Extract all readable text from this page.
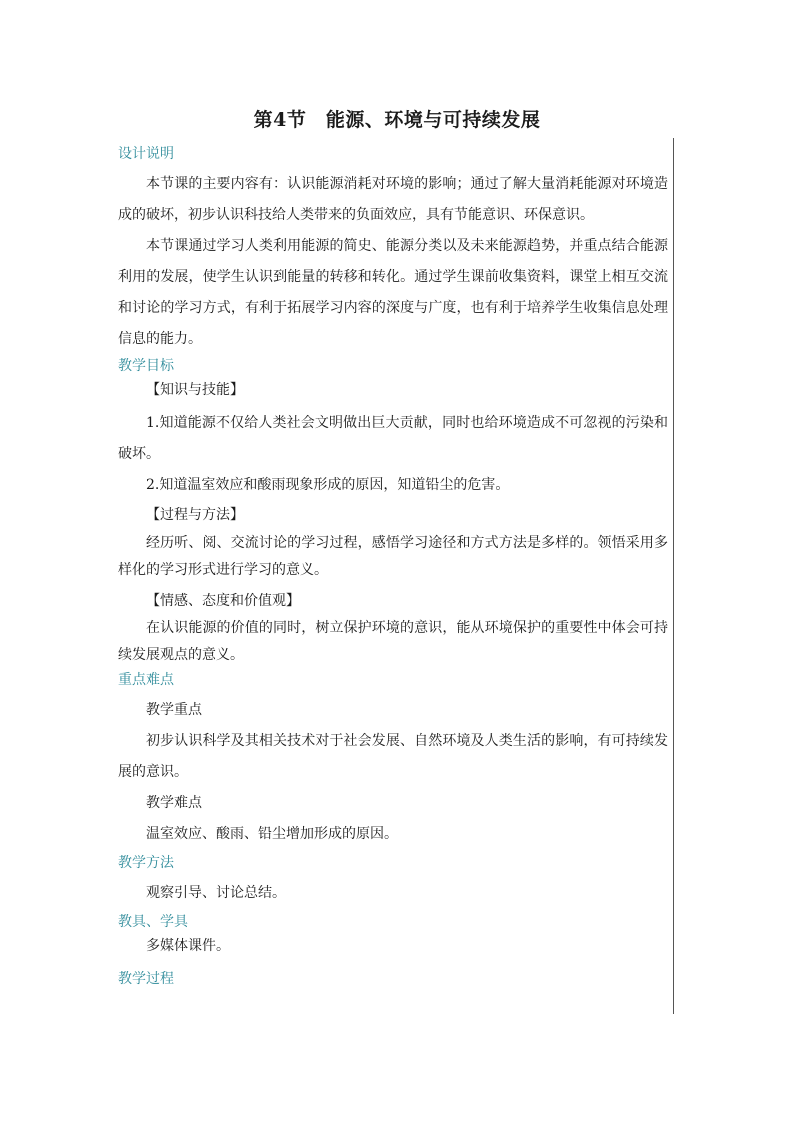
第4节　能源、环境与可持续发展

设计说明

本节课的主要内容有：认识能源消耗对环境的影响；通过了解大量消耗能源对环境造成的破坏，初步认识科技给人类带来的负面效应，具有节能意识、环保意识。

本节课通过学习人类利用能源的简史、能源分类以及未来能源趋势，并重点结合能源利用的发展，使学生认识到能量的转移和转化。通过学生课前收集资料，课堂上相互交流和讨论的学习方式，有利于拓展学习内容的深度与广度，也有利于培养学生收集信息处理信息的能力。

教学目标

【知识与技能】

1.知道能源不仅给人类社会文明做出巨大贡献，同时也给环境造成不可忽视的污染和破坏。

2.知道温室效应和酸雨现象形成的原因，知道铅尘的危害。

【过程与方法】

经历听、阅、交流讨论的学习过程，感悟学习途径和方式方法是多样的。领悟采用多样化的学习形式进行学习的意义。

【情感、态度和价值观】

在认识能源的价值的同时，树立保护环境的意识，能从环境保护的重要性中体会可持续发展观点的意义。

重点难点

教学重点

初步认识科学及其相关技术对于社会发展、自然环境及人类生活的影响，有可持续发展的意识。

教学难点

温室效应、酸雨、铅尘增加形成的原因。

教学方法

观察引导、讨论总结。

教具、学具

多媒体课件。

教学过程
